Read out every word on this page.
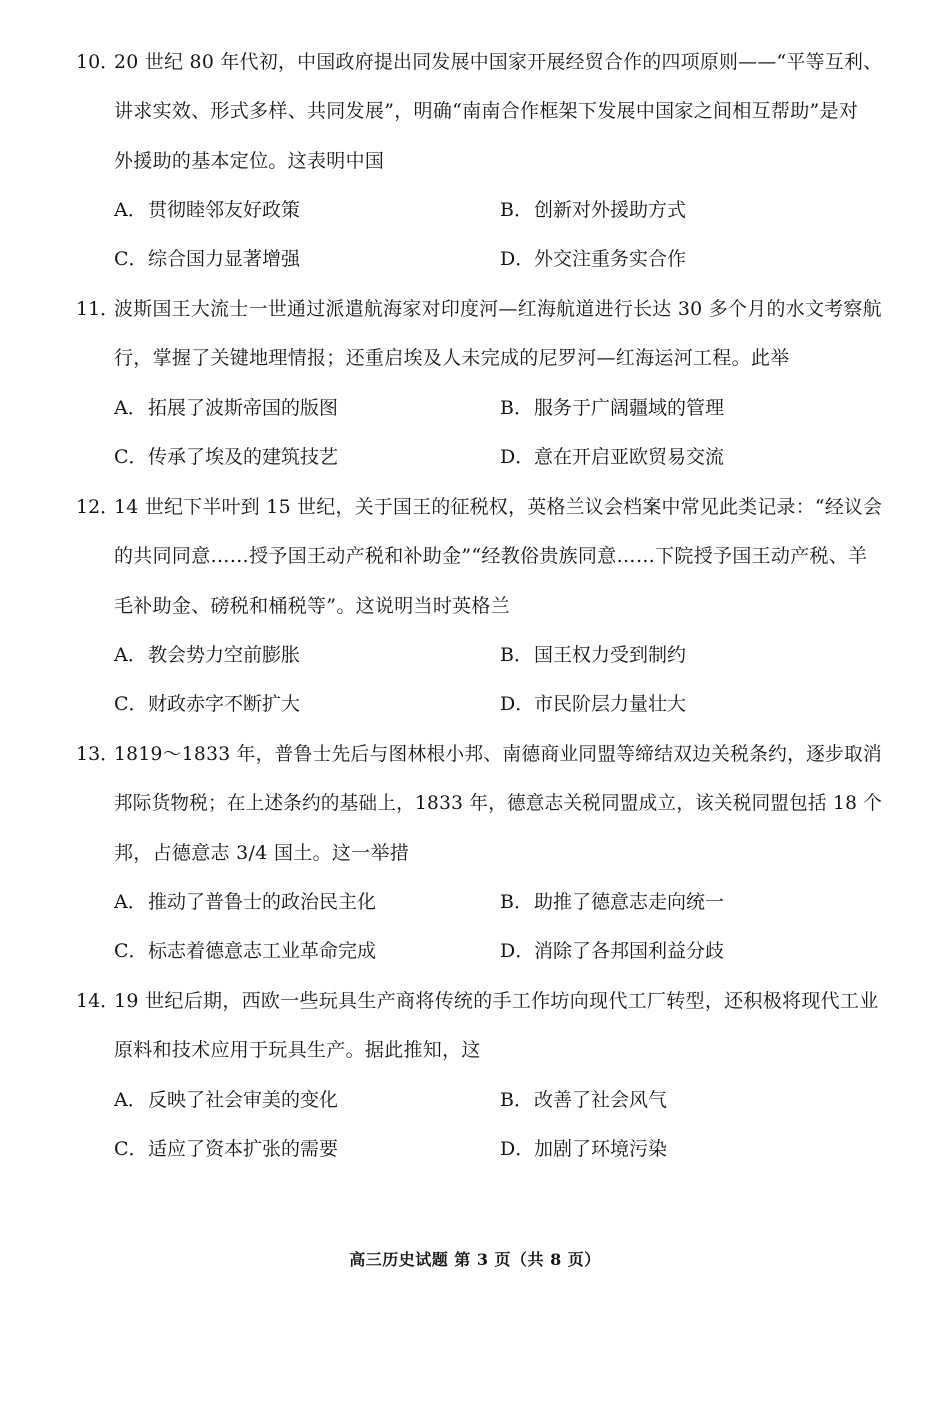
10．
20 世纪 80 年代初，中国政府提出同发展中国家开展经贸合作的四项原则——“平等互利、
讲求实效、形式多样、共同发展”，明确“南南合作框架下发展中国家之间相互帮助”是对
外援助的基本定位。这表明中国
A．贯彻睦邻友好政策	B．创新对外援助方式
C．综合国力显著增强	D．外交注重务实合作
11．
波斯国王大流士一世通过派遣航海家对印度河—红海航道进行长达 30 多个月的水文考察航
行，掌握了关键地理情报；还重启埃及人未完成的尼罗河—红海运河工程。此举
A．拓展了波斯帝国的版图	B．服务于广阔疆域的管理
C．传承了埃及的建筑技艺	D．意在开启亚欧贸易交流
12．
14 世纪下半叶到 15 世纪，关于国王的征税权，英格兰议会档案中常见此类记录：“经议会
的共同同意……授予国王动产税和补助金”“经教俗贵族同意……下院授予国王动产税、羊
毛补助金、磅税和桶税等”。这说明当时英格兰
A．教会势力空前膨胀	B．国王权力受到制约
C．财政赤字不断扩大	D．市民阶层力量壮大
13．
1819～1833 年，普鲁士先后与图林根小邦、南德商业同盟等缔结双边关税条约，逐步取消
邦际货物税；在上述条约的基础上，1833 年，德意志关税同盟成立，该关税同盟包括 18 个
邦，占德意志 3/4 国土。这一举措
A．推动了普鲁士的政治民主化	B．助推了德意志走向统一
C．标志着德意志工业革命完成	D．消除了各邦国利益分歧
14．
19 世纪后期，西欧一些玩具生产商将传统的手工作坊向现代工厂转型，还积极将现代工业
原料和技术应用于玩具生产。据此推知，这
A．反映了社会审美的变化	B．改善了社会风气
C．适应了资本扩张的需要	D．加剧了环境污染
高三历史试题 第 3 页（共 8 页）
